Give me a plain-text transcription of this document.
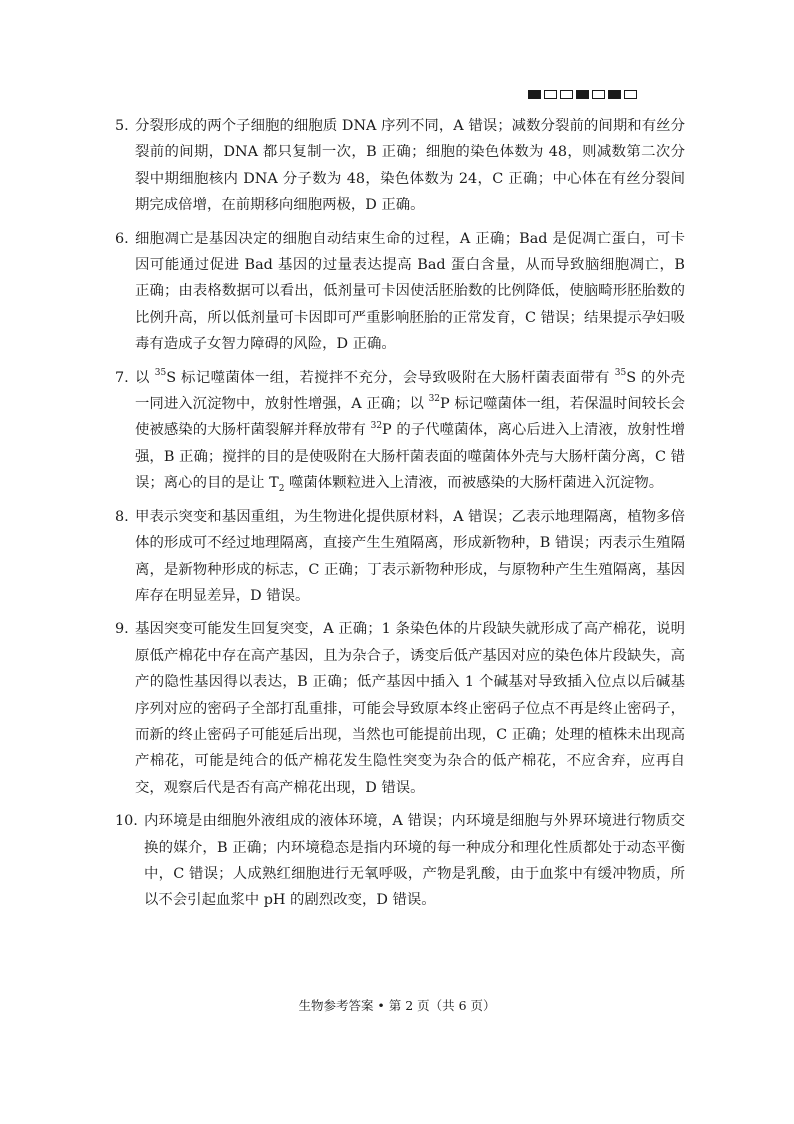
5. 分裂形成的两个子细胞的细胞质 DNA 序列不同，A 错误；减数分裂前的间期和有丝分裂前的间期，DNA 都只复制一次，B 正确；细胞的染色体数为 48，则减数第二次分裂中期细胞核内 DNA 分子数为 48，染色体数为 24，C 正确；中心体在有丝分裂间期完成倍增，在前期移向细胞两极，D 正确。
6. 细胞凋亡是基因决定的细胞自动结束生命的过程，A 正确；Bad 是促凋亡蛋白，可卡因可能通过促进 Bad 基因的过量表达提高 Bad 蛋白含量，从而导致脑细胞凋亡，B 正确；由表格数据可以看出，低剂量可卡因使活胚胎数的比例降低，使脑畸形胚胎数的比例升高，所以低剂量可卡因即可严重影响胚胎的正常发育，C 错误；结果提示孕妇吸毒有造成子女智力障碍的风险，D 正确。
7. 以 $^{35}$S 标记噬菌体一组，若搅拌不充分，会导致吸附在大肠杆菌表面带有 $^{35}$S 的外壳一同进入沉淀物中，放射性增强，A 正确；以 $^{32}$P 标记噬菌体一组，若保温时间较长会使被感染的大肠杆菌裂解并释放带有 $^{32}$P 的子代噬菌体，离心后进入上清液，放射性增强，B 正确；搅拌的目的是使吸附在大肠杆菌表面的噬菌体外壳与大肠杆菌分离，C 错误；离心的目的是让 $T_2$ 噬菌体颗粒进入上清液，而被感染的大肠杆菌进入沉淀物。
8. 甲表示突变和基因重组，为生物进化提供原材料，A 错误；乙表示地理隔离，植物多倍体的形成可不经过地理隔离，直接产生生殖隔离，形成新物种，B 错误；丙表示生殖隔离，是新物种形成的标志，C 正确；丁表示新物种形成，与原物种产生生殖隔离，基因库存在明显差异，D 错误。
9. 基因突变可能发生回复突变，A 正确；1 条染色体的片段缺失就形成了高产棉花，说明原低产棉花中存在高产基因，且为杂合子，诱变后低产基因对应的染色体片段缺失，高产的隐性基因得以表达，B 正确；低产基因中插入 1 个碱基对导致插入位点以后碱基序列对应的密码子全部打乱重排，可能会导致原本终止密码子位点不再是终止密码子，而新的终止密码子可能延后出现，当然也可能提前出现，C 正确；处理的植株未出现高产棉花，可能是纯合的低产棉花发生隐性突变为杂合的低产棉花，不应舍弃，应再自交，观察后代是否有高产棉花出现，D 错误。
10. 内环境是由细胞外液组成的液体环境，A 错误；内环境是细胞与外界环境进行物质交换的媒介，B 正确；内环境稳态是指内环境的每一种成分和理化性质都处于动态平衡中，C 错误；人成熟红细胞进行无氧呼吸，产物是乳酸，由于血浆中有缓冲物质，所以不会引起血浆中 pH 的剧烈改变，D 错误。
生物参考答案 • 第 2 页（共 6 页）
